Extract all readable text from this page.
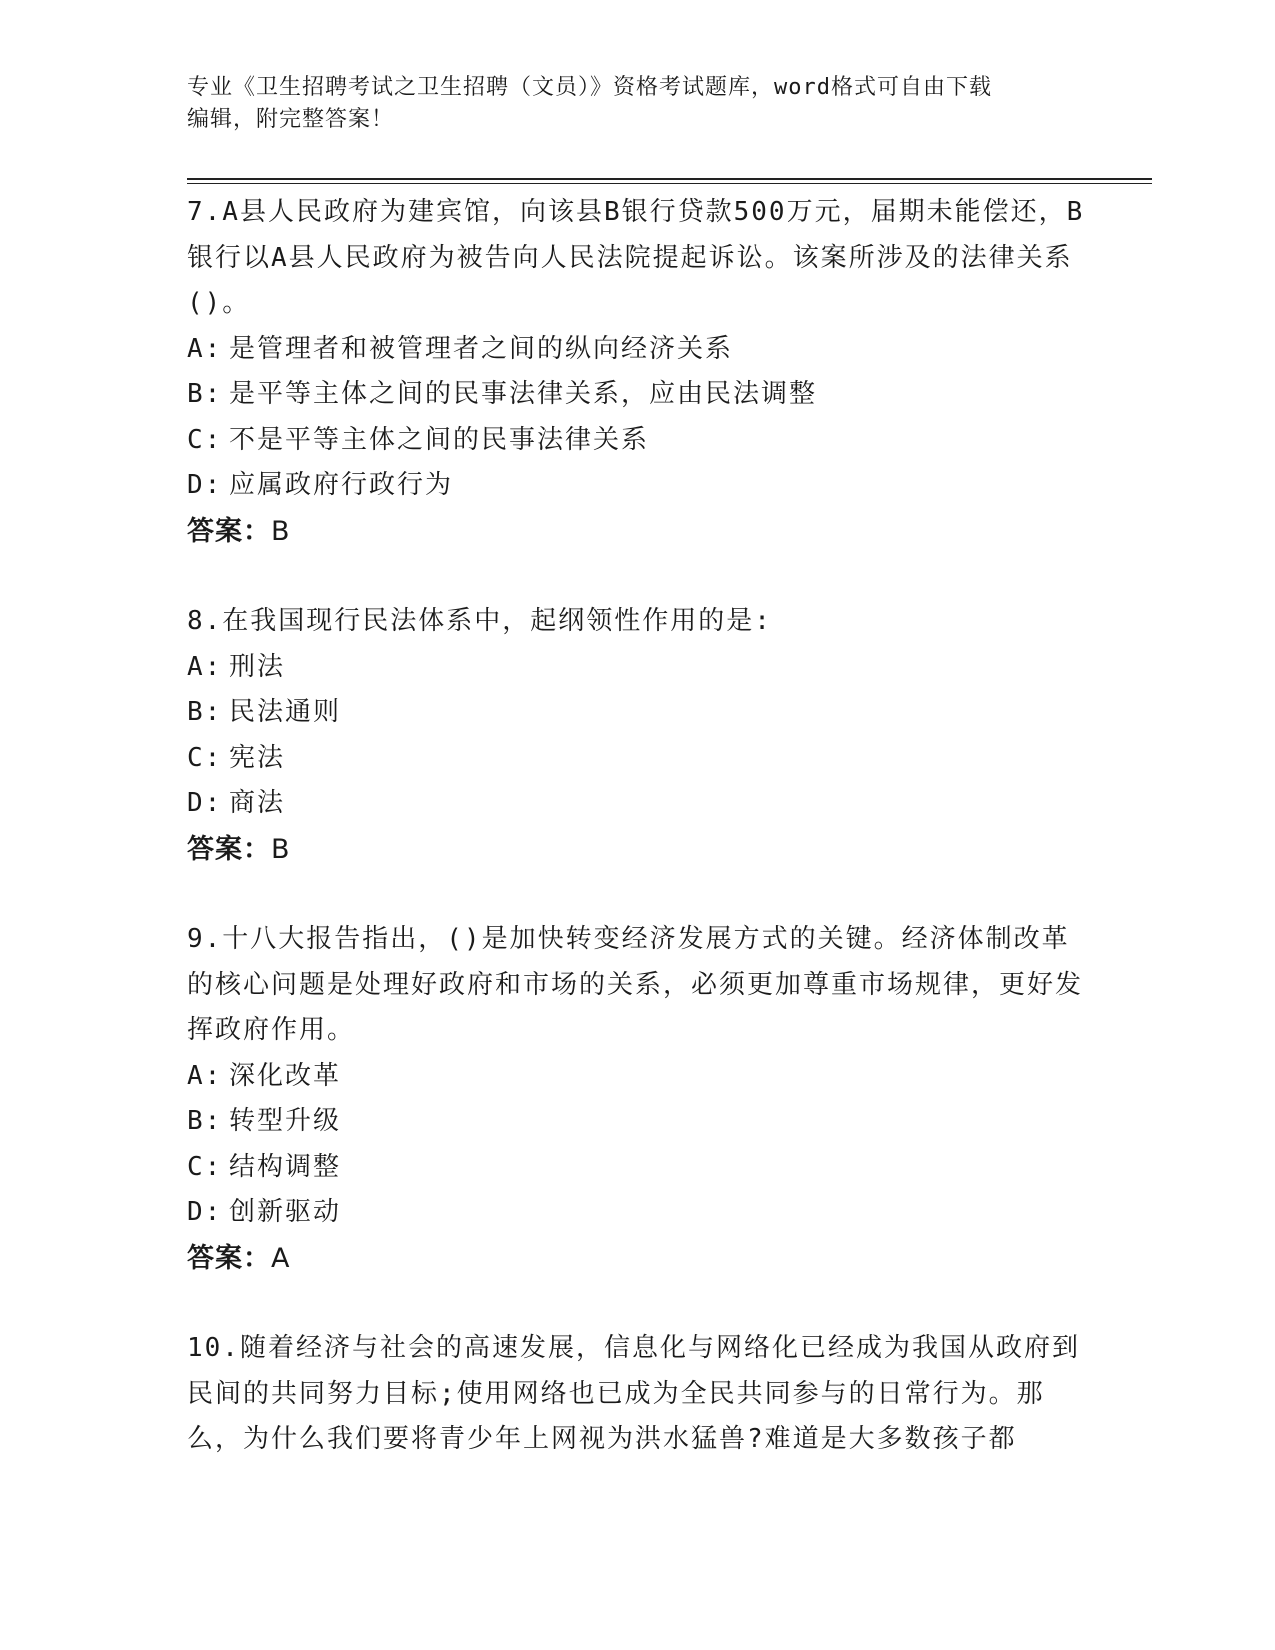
专业《卫生招聘考试之卫生招聘（文员）》资格考试题库，word格式可自由下载
编辑，附完整答案！
7.A县人民政府为建宾馆，向该县B银行贷款500万元，届期未能偿还，B银行以A县人民政府为被告向人民法院提起诉讼。该案所涉及的法律关系()。
A: 是管理者和被管理者之间的纵向经济关系
B: 是平等主体之间的民事法律关系，应由民法调整
C: 不是平等主体之间的民事法律关系
D: 应属政府行政行为
答案：B
8.在我国现行民法体系中，起纲领性作用的是:
A: 刑法
B: 民法通则
C: 宪法
D: 商法
答案：B
9.十八大报告指出，()是加快转变经济发展方式的关键。经济体制改革的核心问题是处理好政府和市场的关系，必须更加尊重市场规律，更好发挥政府作用。
A: 深化改革
B: 转型升级
C: 结构调整
D: 创新驱动
答案：A
10.随着经济与社会的高速发展，信息化与网络化已经成为我国从政府到民间的共同努力目标;使用网络也已成为全民共同参与的日常行为。那么，为什么我们要将青少年上网视为洪水猛兽?难道是大多数孩子都
